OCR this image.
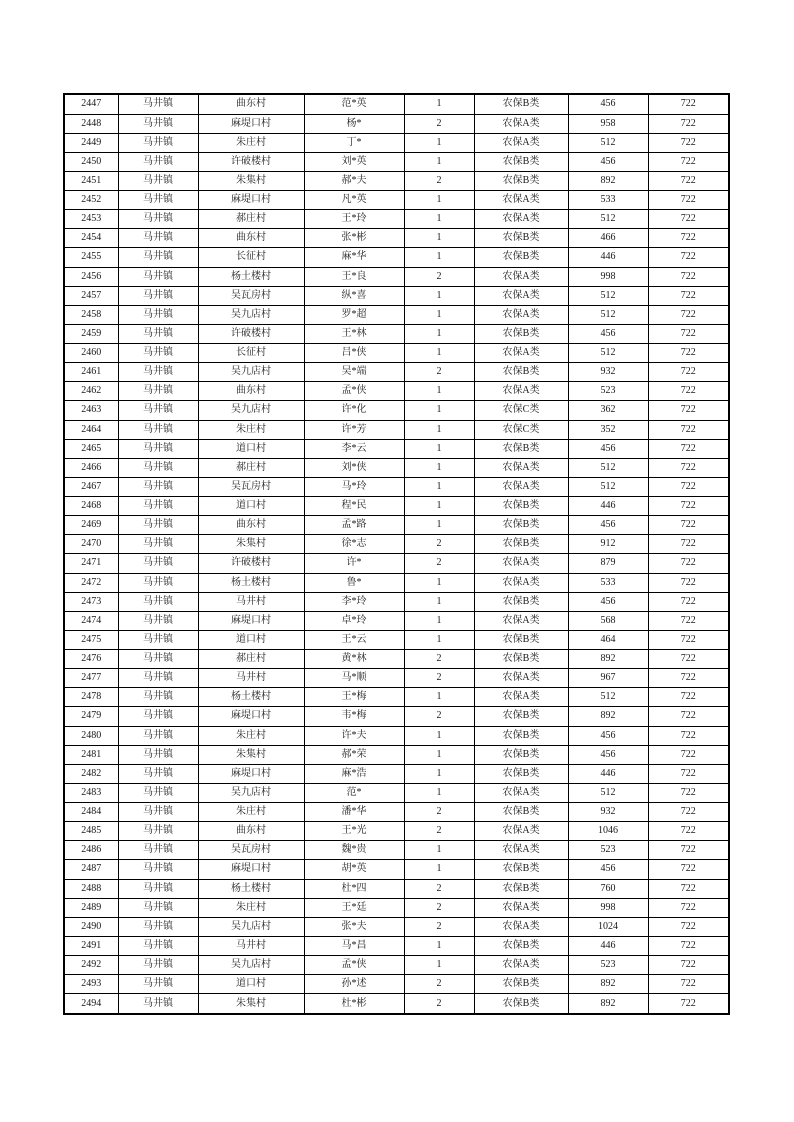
2447	马井镇	曲东村	范*英	1	农保B类	456	722
2448	马井镇	麻堤口村	杨*	2	农保A类	958	722
2449	马井镇	朱庄村	丁*	1	农保A类	512	722
2450	马井镇	许破楼村	刘*英	1	农保B类	456	722
2451	马井镇	朱集村	郝*夫	2	农保B类	892	722
2452	马井镇	麻堤口村	凡*英	1	农保A类	533	722
2453	马井镇	郝庄村	王*玲	1	农保A类	512	722
2454	马井镇	曲东村	张*彬	1	农保B类	466	722
2455	马井镇	长征村	麻*华	1	农保B类	446	722
2456	马井镇	杨土楼村	王*良	2	农保A类	998	722
2457	马井镇	吴瓦房村	纵*喜	1	农保A类	512	722
2458	马井镇	吴九店村	罗*超	1	农保A类	512	722
2459	马井镇	许破楼村	王*林	1	农保B类	456	722
2460	马井镇	长征村	吕*侠	1	农保A类	512	722
2461	马井镇	吴九店村	吴*端	2	农保B类	932	722
2462	马井镇	曲东村	孟*侠	1	农保A类	523	722
2463	马井镇	吴九店村	许*化	1	农保C类	362	722
2464	马井镇	朱庄村	许*芳	1	农保C类	352	722
2465	马井镇	道口村	李*云	1	农保B类	456	722
2466	马井镇	郝庄村	刘*侠	1	农保A类	512	722
2467	马井镇	吴瓦房村	马*玲	1	农保A类	512	722
2468	马井镇	道口村	程*民	1	农保B类	446	722
2469	马井镇	曲东村	孟*路	1	农保B类	456	722
2470	马井镇	朱集村	徐*志	2	农保B类	912	722
2471	马井镇	许破楼村	许*	2	农保A类	879	722
2472	马井镇	杨土楼村	鲁*	1	农保A类	533	722
2473	马井镇	马井村	李*玲	1	农保B类	456	722
2474	马井镇	麻堤口村	卓*玲	1	农保A类	568	722
2475	马井镇	道口村	王*云	1	农保B类	464	722
2476	马井镇	郝庄村	黄*林	2	农保B类	892	722
2477	马井镇	马井村	马*顺	2	农保A类	967	722
2478	马井镇	杨土楼村	王*梅	1	农保A类	512	722
2479	马井镇	麻堤口村	韦*梅	2	农保B类	892	722
2480	马井镇	朱庄村	许*夫	1	农保B类	456	722
2481	马井镇	朱集村	郝*荣	1	农保B类	456	722
2482	马井镇	麻堤口村	麻*浩	1	农保B类	446	722
2483	马井镇	吴九店村	范*	1	农保A类	512	722
2484	马井镇	朱庄村	潘*华	2	农保B类	932	722
2485	马井镇	曲东村	王*光	2	农保A类	1046	722
2486	马井镇	吴瓦房村	魏*贵	1	农保A类	523	722
2487	马井镇	麻堤口村	胡*英	1	农保B类	456	722
2488	马井镇	杨土楼村	杜*四	2	农保B类	760	722
2489	马井镇	朱庄村	王*廷	2	农保A类	998	722
2490	马井镇	吴九店村	张*夫	2	农保A类	1024	722
2491	马井镇	马井村	马*昌	1	农保B类	446	722
2492	马井镇	吴九店村	孟*侠	1	农保A类	523	722
2493	马井镇	道口村	孙*述	2	农保B类	892	722
2494	马井镇	朱集村	杜*彬	2	农保B类	892	722
